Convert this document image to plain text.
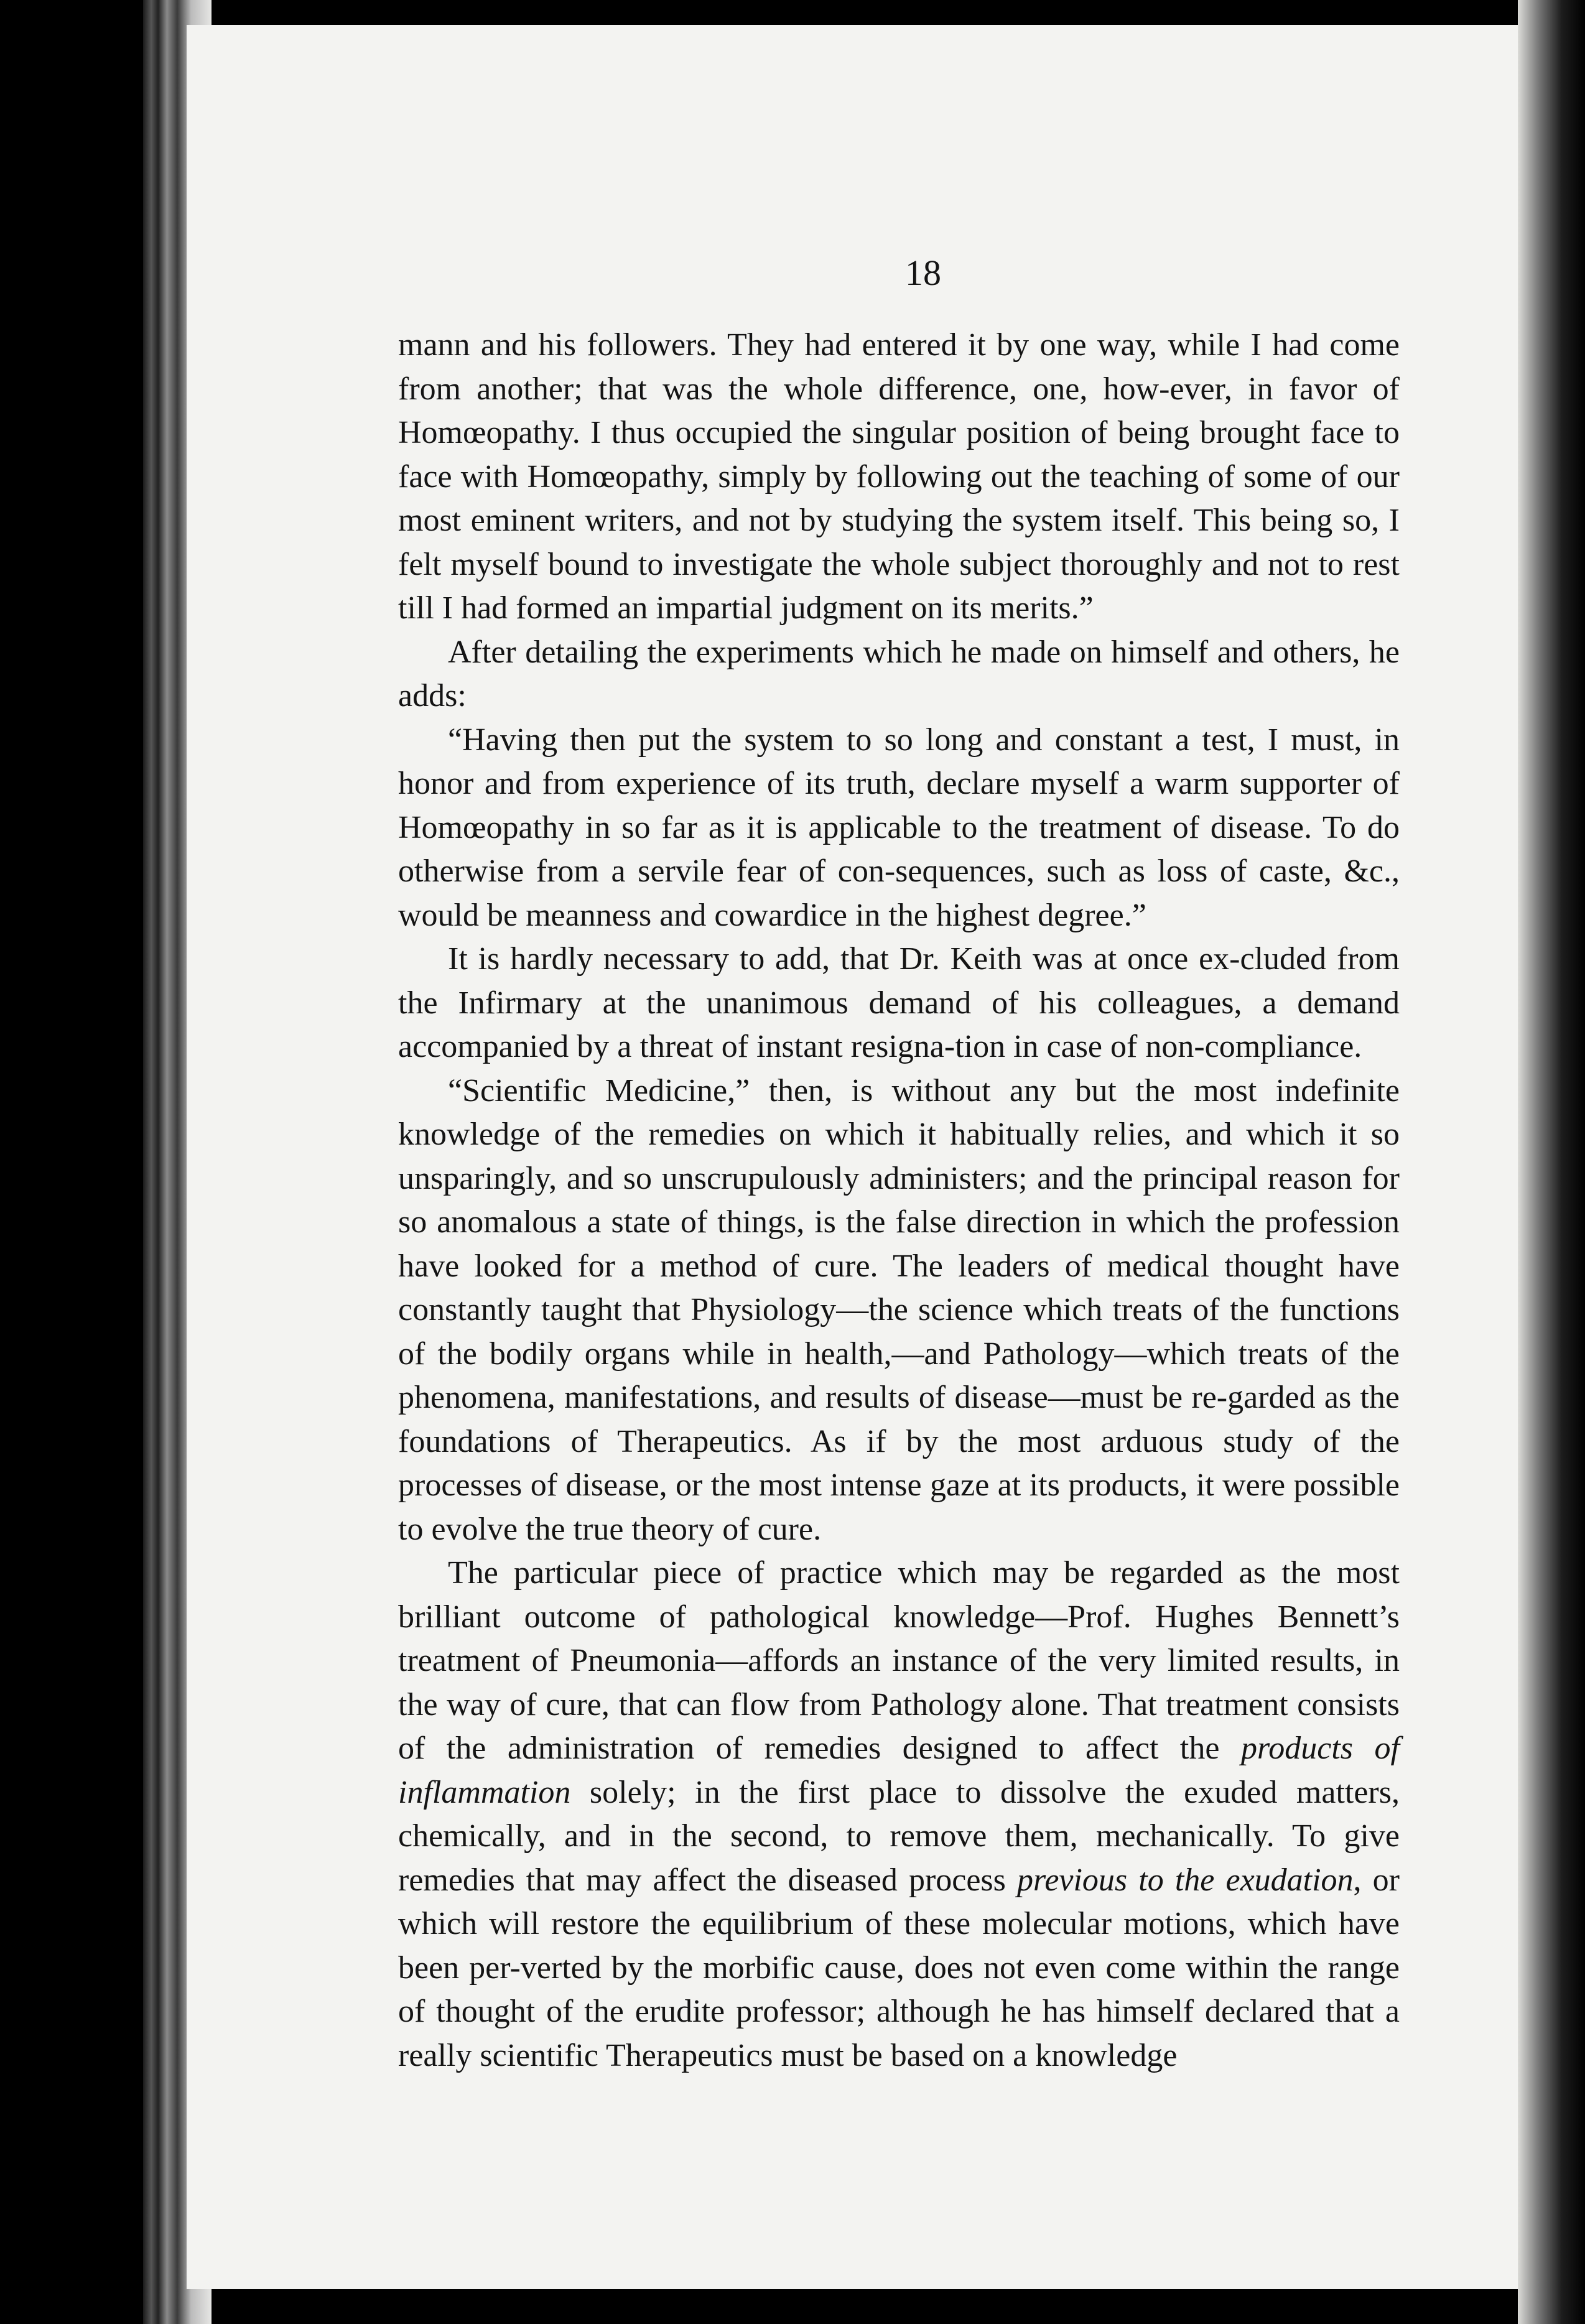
18

mann and his followers. They had entered it by one way, while I had come from another; that was the whole difference, one, how-ever, in favor of Homœopathy. I thus occupied the singular position of being brought face to face with Homœopathy, simply by following out the teaching of some of our most eminent writers, and not by studying the system itself. This being so, I felt myself bound to investigate the whole subject thoroughly and not to rest till I had formed an impartial judgment on its merits.”

After detailing the experiments which he made on himself and others, he adds:

“Having then put the system to so long and constant a test, I must, in honor and from experience of its truth, declare myself a warm supporter of Homœopathy in so far as it is applicable to the treatment of disease. To do otherwise from a servile fear of con-sequences, such as loss of caste, &c., would be meanness and cowardice in the highest degree.”

It is hardly necessary to add, that Dr. Keith was at once ex-cluded from the Infirmary at the unanimous demand of his colleagues, a demand accompanied by a threat of instant resigna-tion in case of non-compliance.

“Scientific Medicine,” then, is without any but the most indefinite knowledge of the remedies on which it habitually relies, and which it so unsparingly, and so unscrupulously administers; and the principal reason for so anomalous a state of things, is the false direction in which the profession have looked for a method of cure. The leaders of medical thought have constantly taught that Physiology—the science which treats of the functions of the bodily organs while in health,—and Pathology—which treats of the phenomena, manifestations, and results of disease—must be re-garded as the foundations of Therapeutics. As if by the most arduous study of the processes of disease, or the most intense gaze at its products, it were possible to evolve the true theory of cure.

The particular piece of practice which may be regarded as the most brilliant outcome of pathological knowledge—Prof. Hughes Bennett’s treatment of Pneumonia—affords an instance of the very limited results, in the way of cure, that can flow from Pathology alone. That treatment consists of the administration of remedies designed to affect the products of inflammation solely; in the first place to dissolve the exuded matters, chemically, and in the second, to remove them, mechanically. To give remedies that may affect the diseased process previous to the exudation, or which will restore the equilibrium of these molecular motions, which have been per-verted by the morbific cause, does not even come within the range of thought of the erudite professor; although he has himself declared that a really scientific Therapeutics must be based on a knowledge
